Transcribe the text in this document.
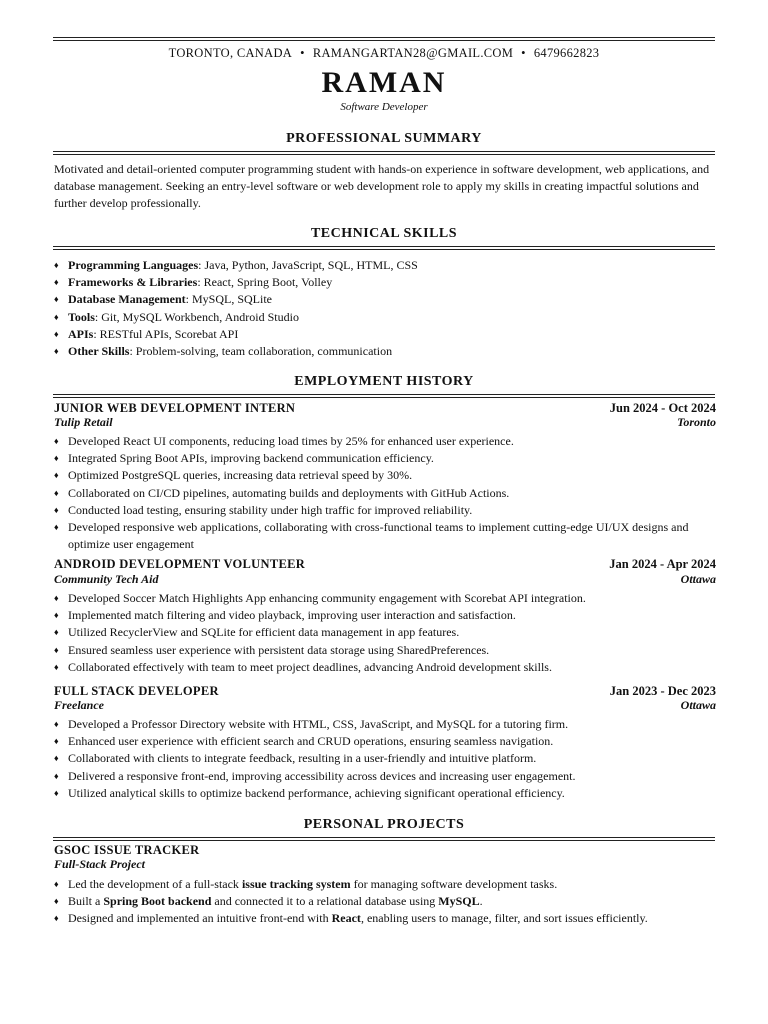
TORONTO, CANADA • RAMANGARTAN28@GMAIL.COM • 6479662823
RAMAN
Software Developer
PROFESSIONAL SUMMARY

Motivated and detail-oriented computer programming student with hands-on experience in software development, web applications, and database management. Seeking an entry-level software or web development role to apply my skills in creating impactful solutions and further develop professionally.

TECHNICAL SKILLS
♦ Programming Languages: Java, Python, JavaScript, SQL, HTML, CSS
♦ Frameworks & Libraries: React, Spring Boot, Volley
♦ Database Management: MySQL, SQLite
♦ Tools: Git, MySQL Workbench, Android Studio
♦ APIs: RESTful APIs, Scorebat API
♦ Other Skills: Problem-solving, team collaboration, communication
EMPLOYMENT HISTORY
JUNIOR WEB DEVELOPMENT INTERN	Jun 2024 - Oct 2024
Tulip Retail	Toronto
♦ Developed React UI components, reducing load times by 25% for enhanced user experience.
♦ Integrated Spring Boot APIs, improving backend communication efficiency.
♦ Optimized PostgreSQL queries, increasing data retrieval speed by 30%.
♦ Collaborated on CI/CD pipelines, automating builds and deployments with GitHub Actions.
♦ Conducted load testing, ensuring stability under high traffic for improved reliability.
♦ Developed responsive web applications, collaborating with cross-functional teams to implement cutting-edge UI/UX designs and optimize user engagement
ANDROID DEVELOPMENT VOLUNTEER	Jan 2024 - Apr 2024
Community Tech Aid	Ottawa
♦ Developed Soccer Match Highlights App enhancing community engagement with Scorebat API integration.
♦ Implemented match filtering and video playback, improving user interaction and satisfaction.
♦ Utilized RecyclerView and SQLite for efficient data management in app features.
♦ Ensured seamless user experience with persistent data storage using SharedPreferences.
♦ Collaborated effectively with team to meet project deadlines, advancing Android development skills.
FULL STACK DEVELOPER	Jan 2023 - Dec 2023
Freelance	Ottawa
♦ Developed a Professor Directory website with HTML, CSS, JavaScript, and MySQL for a tutoring firm.
♦ Enhanced user experience with efficient search and CRUD operations, ensuring seamless navigation.
♦ Collaborated with clients to integrate feedback, resulting in a user-friendly and intuitive platform.
♦ Delivered a responsive front-end, improving accessibility across devices and increasing user engagement.
♦ Utilized analytical skills to optimize backend performance, achieving significant operational efficiency.
PERSONAL PROJECTS
GSOC ISSUE TRACKER
Full-Stack Project
♦ Led the development of a full-stack issue tracking system for managing software development tasks.
♦ Built a Spring Boot backend and connected it to a relational database using MySQL.
♦ Designed and implemented an intuitive front-end with React, enabling users to manage, filter, and sort issues efficiently.
